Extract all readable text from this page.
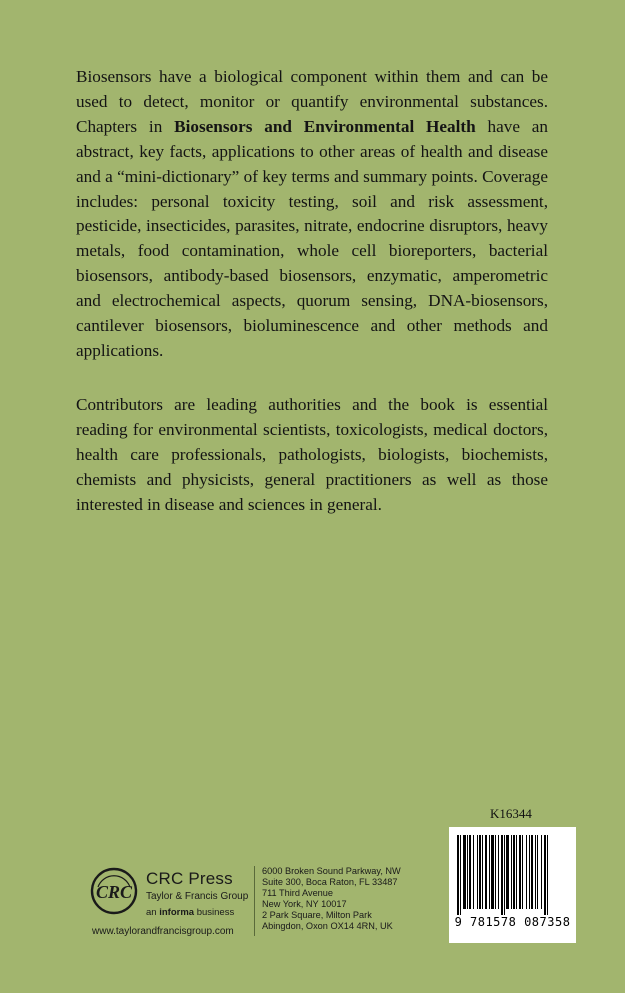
Biosensors have a biological component within them and can be used to detect, monitor or quantify environmental substances. Chapters in Biosensors and Environmental Health have an abstract, key facts, applications to other areas of health and disease and a “mini-dictionary” of key terms and summary points. Coverage includes: personal toxicity testing, soil and risk assessment, pesticide, insecticides, parasites, nitrate, endocrine disruptors, heavy metals, food contamination, whole cell bioreporters, bacterial biosensors, antibody-based biosensors, enzymatic, amperometric and electrochemical aspects, quorum sensing, DNA-biosensors, cantilever biosensors, bioluminescence and other methods and applications.
Contributors are leading authorities and the book is essential reading for environmental scientists, toxicologists, medical doctors, health care professionals, pathologists, biologists, biochemists, chemists and physicists, general practitioners as well as those interested in disease and sciences in general.
K16344
9 781578 087358
CRC
CRC Press
Taylor & Francis Group
an informa business
www.taylorandfrancisgroup.com
6000 Broken Sound Parkway, NW
Suite 300, Boca Raton, FL 33487
711 Third Avenue
New York, NY 10017
2 Park Square, Milton Park
Abingdon, Oxon OX14 4RN, UK
